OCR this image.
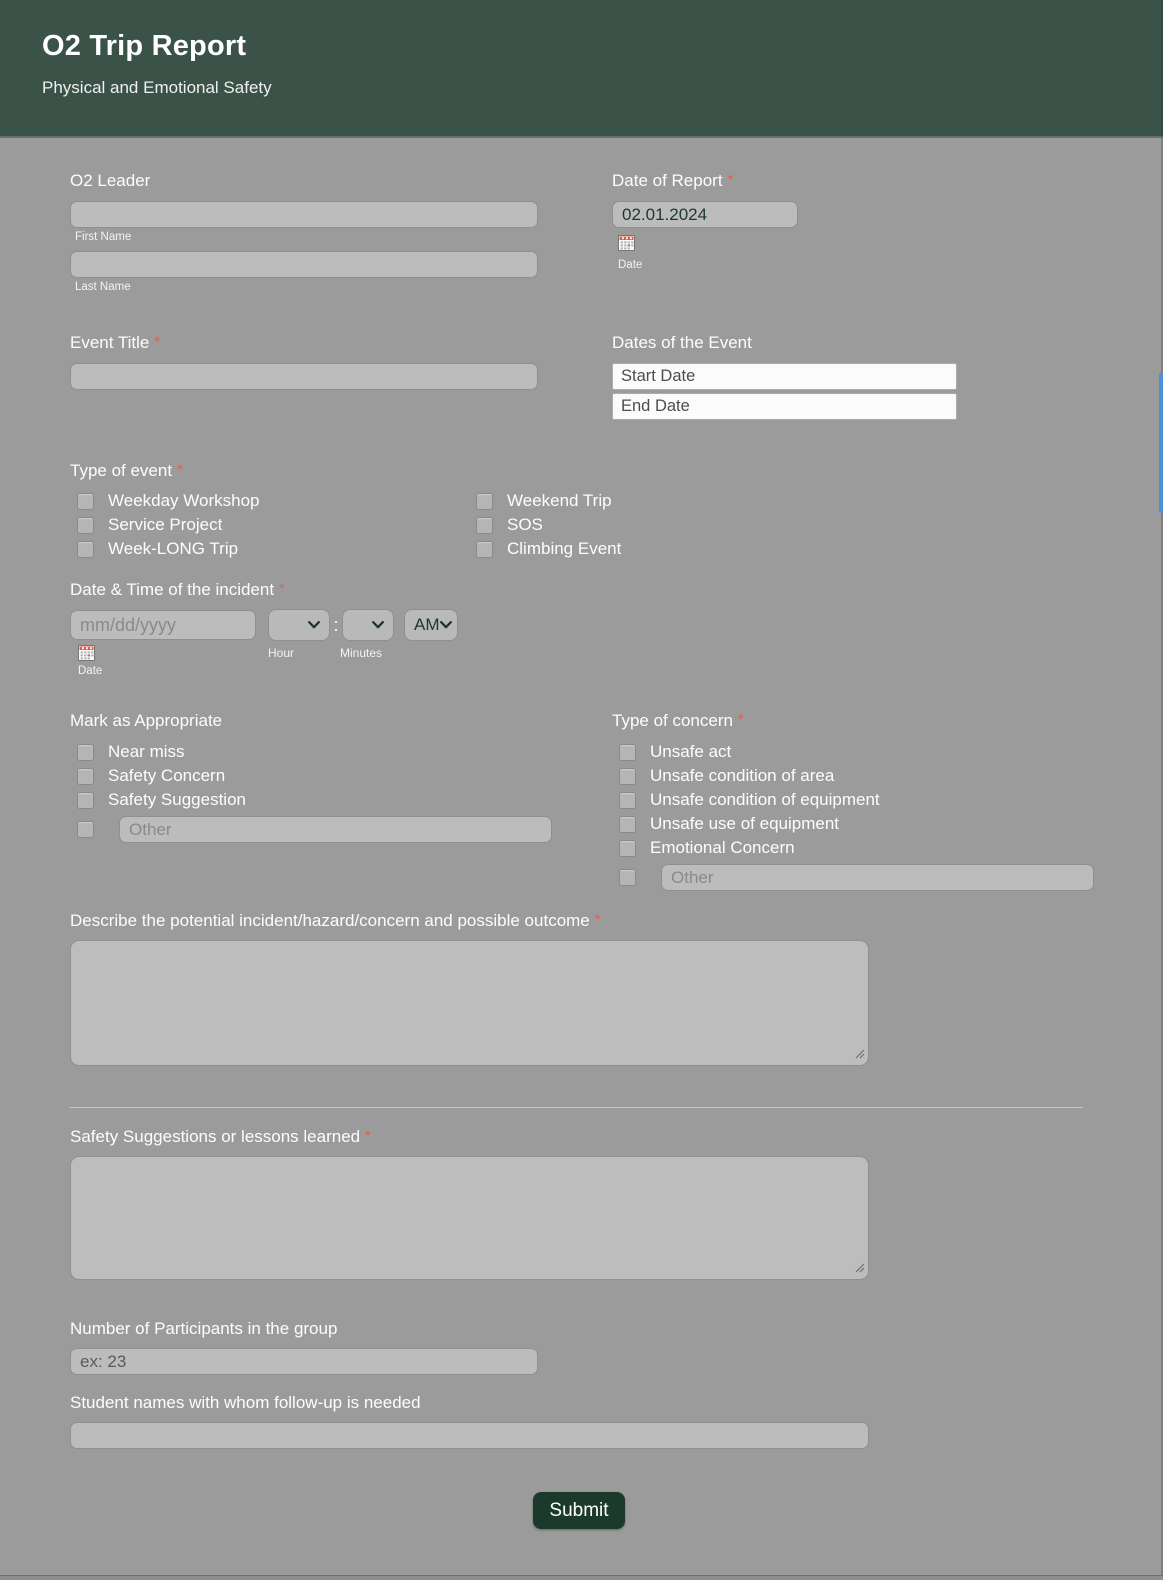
O2 Trip Report
Physical and Emotional Safety
O2 Leader
First Name
Last Name
Date of Report *
02.01.2024
Date
Event Title *	Dates of the Event
Start Date
End Date
Type of event *
Weekday Workshop	Weekend Trip
Service Project	SOS
Week-LONG Trip	Climbing Event
Date & Time of the incident *
mm/dd/yyyy
:	AM
Date
Hour	Minutes
Mark as Appropriate
Near miss
Safety Concern
Safety Suggestion
Other
Type of concern *
Unsafe act
Unsafe condition of area
Unsafe condition of equipment
Unsafe use of equipment
Emotional Concern
Other
Describe the potential incident/hazard/concern and possible outcome *
Safety Suggestions or lessons learned *
Number of Participants in the group
ex: 23
Student names with whom follow-up is needed
Submit
